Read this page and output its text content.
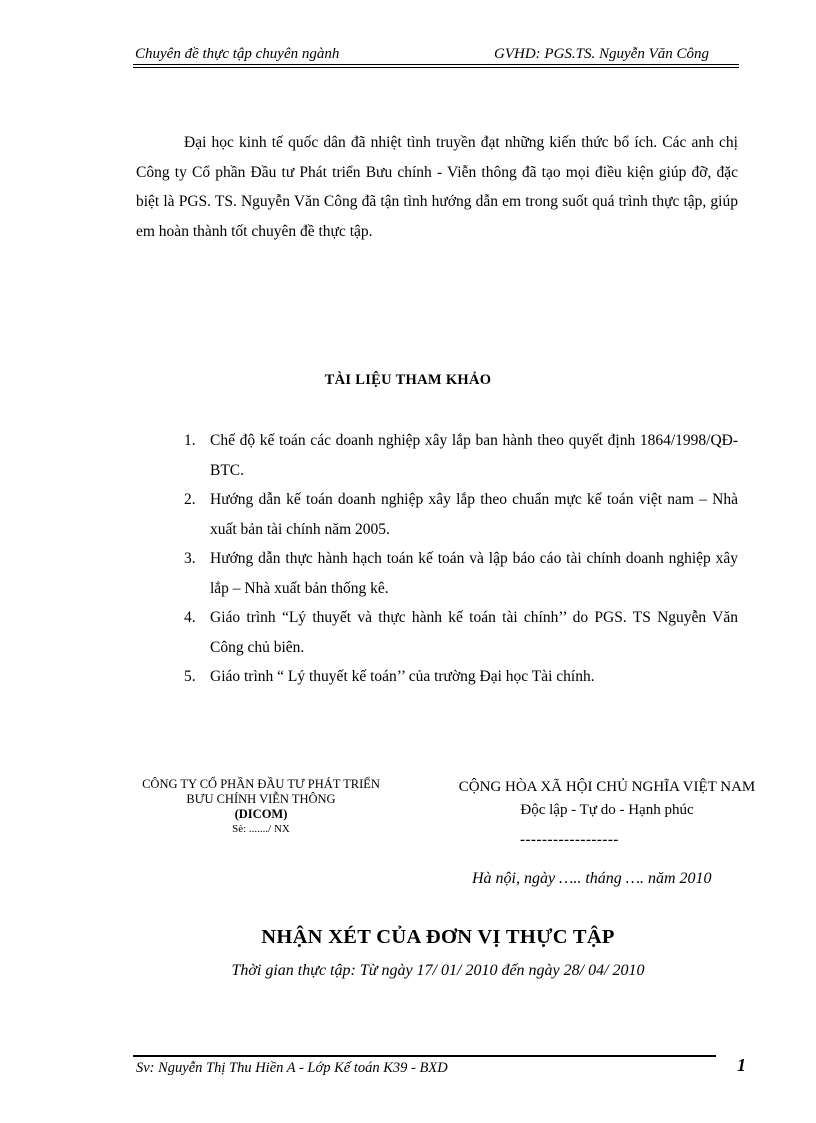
Chuyên đề thực tập chuyên ngành	GVHD: PGS.TS. Nguyễn Văn Công
Đại học kinh tế quốc dân đã nhiệt tình truyền đạt những kiến thức bổ ích. Các anh chị Công ty Cổ phần Đầu tư Phát triển Bưu chính - Viễn thông đã tạo mọi điều kiện giúp đỡ, đặc biệt là PGS. TS. Nguyễn Văn Công đã tận tình hướng dẫn em trong suốt quá trình thực tập, giúp em hoàn thành tốt chuyên đề thực tập.
TÀI LIỆU THAM KHẢO
1. Chế độ kế toán các doanh nghiệp xây lắp ban hành theo quyết định 1864/1998/QĐ-BTC.
2. Hướng dẫn kế toán doanh nghiệp xây lắp theo chuẩn mực kế toán việt nam – Nhà xuất bản tài chính năm 2005.
3. Hướng dẫn thực hành hạch toán kế toán và lập báo cáo tài chính doanh nghiệp xây lắp – Nhà xuất bản thống kê.
4. Giáo trình “Lý thuyết và thực hành kế toán tài chính’’ do PGS. TS Nguyễn Văn Công chủ biên.
5. Giáo trình “ Lý thuyết kế toán’’ của trường Đại học Tài chính.
CÔNG TY CỔ PHẦN ĐẦU TƯ PHÁT TRIỂN
BƯU CHÍNH VIỄN THÔNG
(DICOM)
Sè: ......./ NX
CỘNG HÒA XÃ HỘI CHỦ NGHĨA VIỆT NAM
Độc lập - Tự do - Hạnh phúc
------------------
Hà nội, ngày ….. tháng …. năm 2010
NHẬN XÉT CỦA ĐƠN VỊ THỰC TẬP
Thời gian thực tập: Từ ngày 17/ 01/ 2010 đến ngày 28/ 04/ 2010
Sv: Nguyễn Thị Thu Hiền A - Lớp Kế toán K39 - BXD	1
